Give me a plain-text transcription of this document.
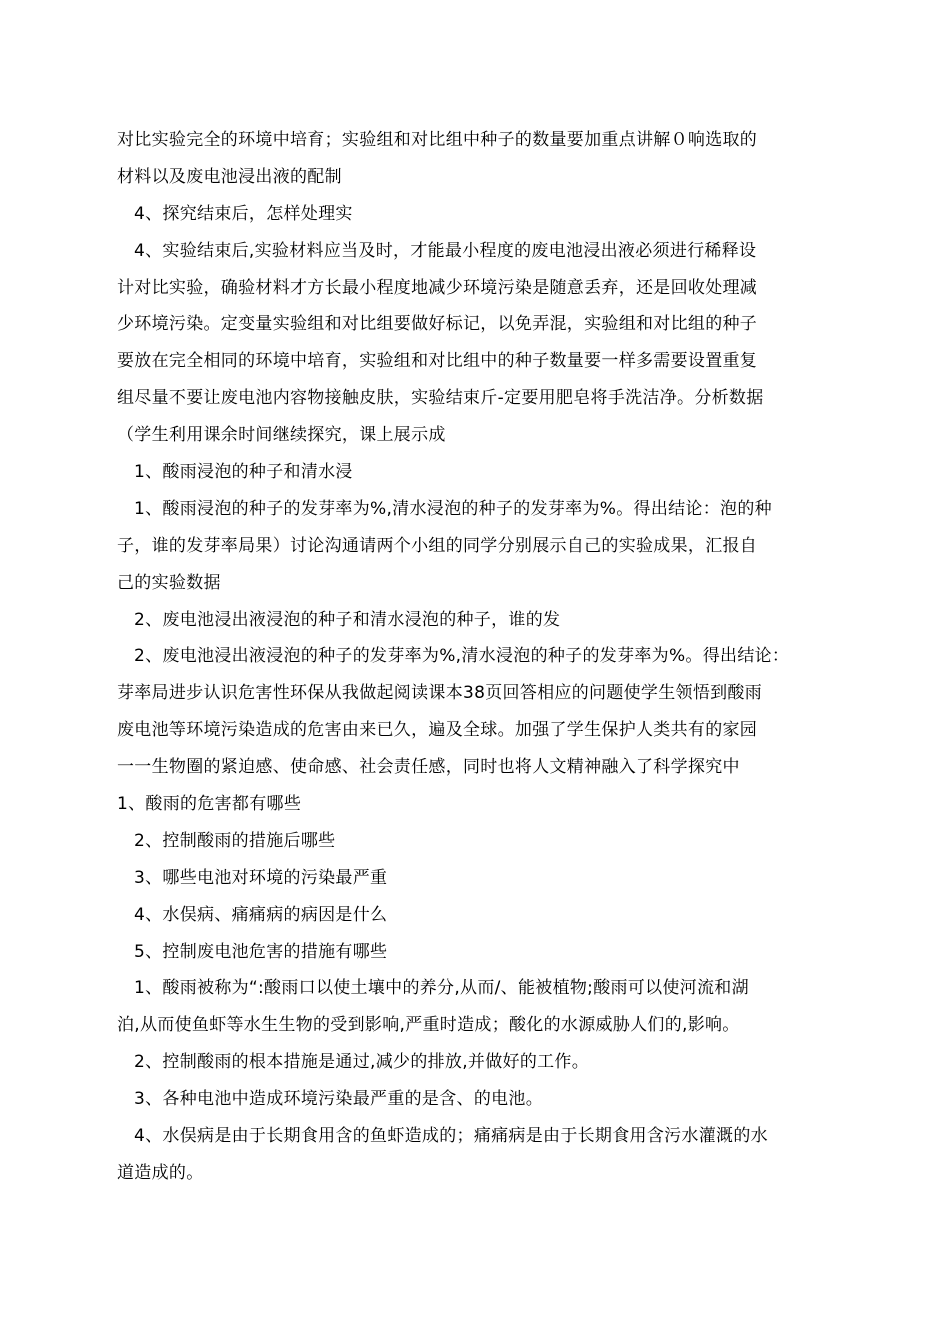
对比实验完全的环境中培育；实验组和对比组中种子的数量要加重点讲解０响选取的
材料以及废电池浸出液的配制
4、探究结束后，怎样处理实
4、实验结束后,实验材料应当及时，才能最小程度的废电池浸出液必须进行稀释设
计对比实验，确验材料才方长最小程度地减少环境污染是随意丢弃，还是回收处理减
少环境污染。定变量实验组和对比组要做好标记，以免弄混，实验组和对比组的种子
要放在完全相同的环境中培育，实验组和对比组中的种子数量要一样多需要设置重复
组尽量不要让废电池内容物接触皮肤，实验结束斤-定要用肥皂将手洗洁净。分析数据
（学生利用课余时间继续探究，课上展示成
1、酸雨浸泡的种子和清水浸
1、酸雨浸泡的种子的发芽率为%,清水浸泡的种子的发芽率为%。得出结论：泡的种
子，谁的发芽率局果）讨论沟通请两个小组的同学分别展示自己的实验成果，汇报自
己的实验数据
2、废电池浸出液浸泡的种子和清水浸泡的种子，谁的发
2、废电池浸出液浸泡的种子的发芽率为%,清水浸泡的种子的发芽率为%。得出结论：
芽率局进步认识危害性环保从我做起阅读课本38页回答相应的问题使学生领悟到酸雨
废电池等环境污染造成的危害由来已久，遍及全球。加强了学生保护人类共有的家园
一一生物圈的紧迫感、使命感、社会责任感，同时也将人文精神融入了科学探究中
1、酸雨的危害都有哪些
2、控制酸雨的措施后哪些
3、哪些电池对环境的污染最严重
4、水俣病、痛痛病的病因是什么
5、控制废电池危害的措施有哪些
1、酸雨被称为“:酸雨口以使土壤中的养分,从而/、能被植物;酸雨可以使河流和湖
泊,从而使鱼虾等水生生物的受到影响,严重时造成；酸化的水源威胁人们的,影响。
2、控制酸雨的根本措施是通过,减少的排放,并做好的工作。
3、各种电池中造成环境污染最严重的是含、的电池。
4、水俣病是由于长期食用含的鱼虾造成的；痛痛病是由于长期食用含污水灌溉的水
道造成的。
